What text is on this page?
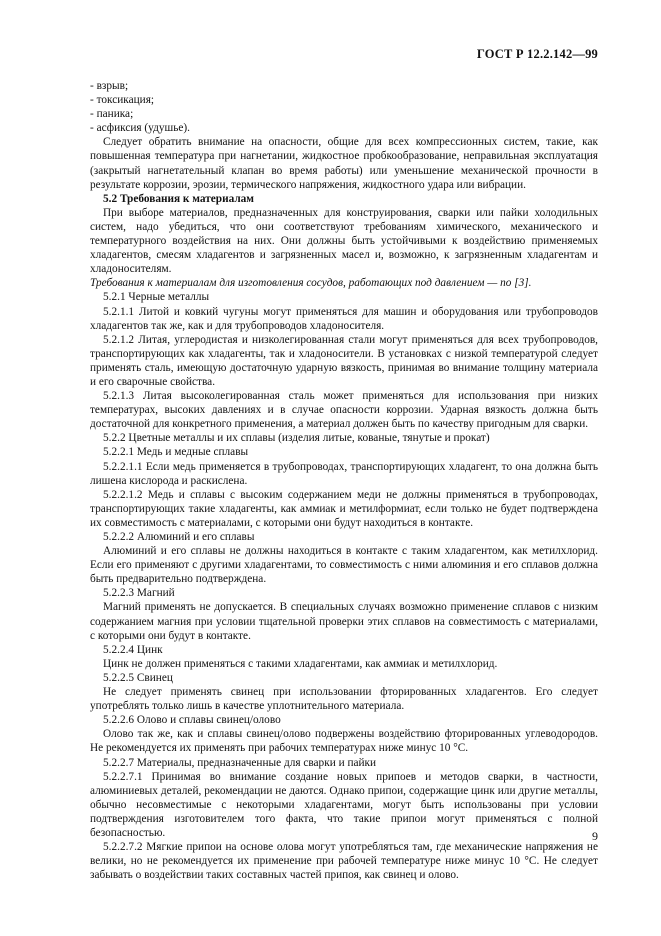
ГОСТ Р 12.2.142—99

- взрыв;

- токсикация;

- паника;

- асфиксия (удушье).

Следует обратить внимание на опасности, общие для всех компрессионных систем, такие, как повышенная температура при нагнетании, жидкостное пробкообразование, неправильная эксплуатация (закрытый нагнетательный клапан во время работы) или уменьшение механической прочности в результате коррозии, эрозии, термического напряжения, жидкостного удара или вибрации.

5.2 Требования к материалам

При выборе материалов, предназначенных для конструирования, сварки или пайки холодильных систем, надо убедиться, что они соответствуют требованиям химического, механического и температурного воздействия на них. Они должны быть устойчивыми к воздействию применяемых хладагентов, смесям хладагентов и загрязненных масел и, возможно, к загрязненным хладагентам и хладоносителям.

Требования к материалам для изготовления сосудов, работающих под давлением — по [3].

5.2.1 Черные металлы

5.2.1.1 Литой и ковкий чугуны могут применяться для машин и оборудования или трубопроводов хладагентов так же, как и для трубопроводов хладоносителя.

5.2.1.2 Литая, углеродистая и низколегированная стали могут применяться для всех трубопроводов, транспортирующих как хладагенты, так и хладоносители. В установках с низкой температурой следует применять сталь, имеющую достаточную ударную вязкость, принимая во внимание толщину материала и его сварочные свойства.

5.2.1.3 Литая высоколегированная сталь может применяться для использования при низких температурах, высоких давлениях и в случае опасности коррозии. Ударная вязкость должна быть достаточной для конкретного применения, а материал должен быть по качеству пригодным для сварки.

5.2.2 Цветные металлы и их сплавы (изделия литые, кованые, тянутые и прокат)

5.2.2.1 Медь и медные сплавы

5.2.2.1.1 Если медь применяется в трубопроводах, транспортирующих хладагент, то она должна быть лишена кислорода и раскислена.

5.2.2.1.2 Медь и сплавы с высоким содержанием меди не должны применяться в трубопроводах, транспортирующих такие хладагенты, как аммиак и метилформиат, если только не будет подтверждена их совместимость с материалами, с которыми они будут находиться в контакте.

5.2.2.2 Алюминий и его сплавы

Алюминий и его сплавы не должны находиться в контакте с таким хладагентом, как метилхлорид. Если его применяют с другими хладагентами, то совместимость с ними алюминия и его сплавов должна быть предварительно подтверждена.

5.2.2.3 Магний

Магний применять не допускается. В специальных случаях возможно применение сплавов с низким содержанием магния при условии тщательной проверки этих сплавов на совместимость с материалами, с которыми они будут в контакте.

5.2.2.4 Цинк

Цинк не должен применяться с такими хладагентами, как аммиак и метилхлорид.

5.2.2.5 Свинец

Не следует применять свинец при использовании фторированных хладагентов. Его следует употреблять только лишь в качестве уплотнительного материала.

5.2.2.6 Олово и сплавы свинец/олово

Олово так же, как и сплавы свинец/олово подвержены воздействию фторированных углеводородов. Не рекомендуется их применять при рабочих температурах ниже минус 10 °С.

5.2.2.7 Материалы, предназначенные для сварки и пайки

5.2.2.7.1 Принимая во внимание создание новых припоев и методов сварки, в частности, алюминиевых деталей, рекомендации не даются. Однако припои, содержащие цинк или другие металлы, обычно несовместимые с некоторыми хладагентами, могут быть использованы при условии подтверждения изготовителем того факта, что такие припои могут применяться с полной безопасностью.

5.2.2.7.2 Мягкие припои на основе олова могут употребляться там, где механические напряжения не велики, но не рекомендуется их применение при рабочей температуре ниже минус 10 °С. Не следует забывать о воздействии таких составных частей припоя, как свинец и олово.

9
